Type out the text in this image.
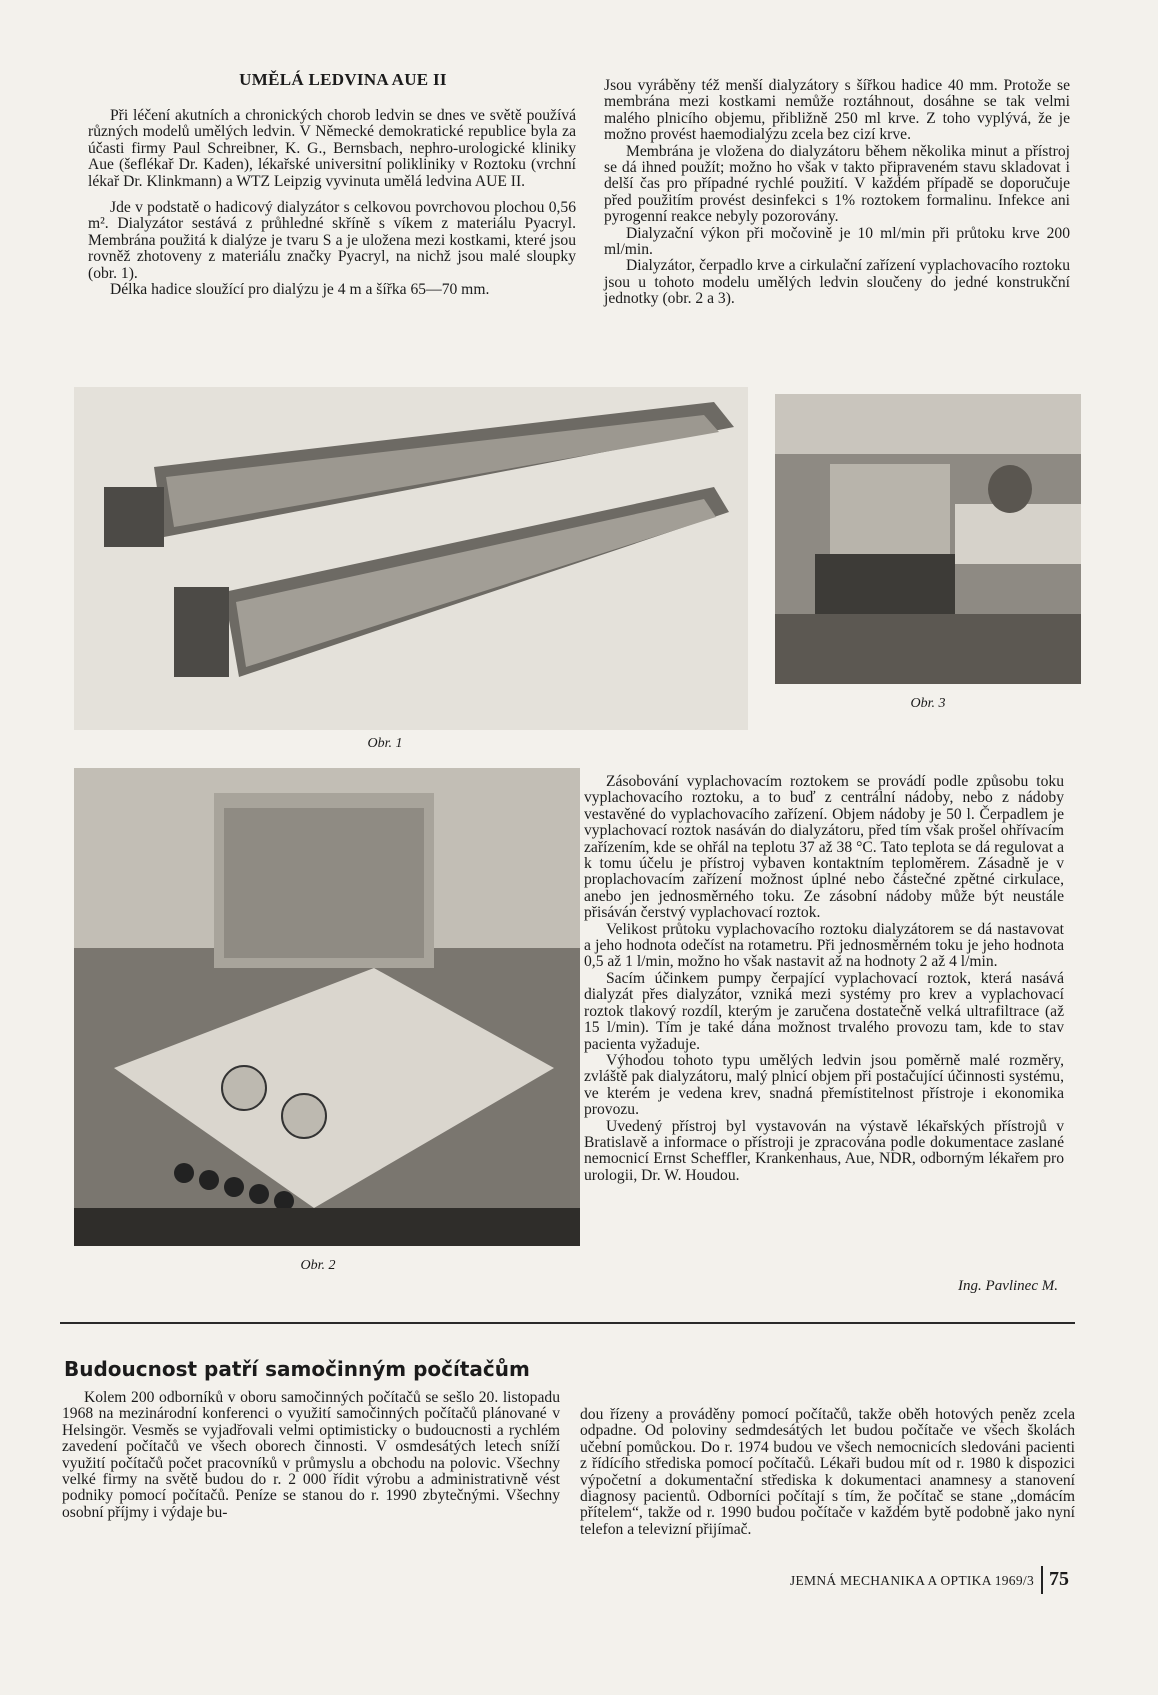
UMĚLÁ LEDVINA AUE II

Při léčení akutních a chronických chorob ledvin se dnes ve světě používá různých modelů umělých ledvin. V Německé demokratické republice byla za účasti firmy Paul Schreibner, K. G., Bernsbach, nephro-urologické kliniky Aue (šeflékař Dr. Kaden), lékařské universitní polikliniky v Roztoku (vrchní lékař Dr. Klinkmann) a WTZ Leipzig vyvinuta umělá ledvina AUE II.

Jde v podstatě o hadicový dialyzátor s celkovou povrchovou plochou 0,56 m². Dialyzátor sestává z průhledné skříně s víkem z materiálu Pyacryl. Membrána použitá k dialýze je tvaru S a je uložena mezi kostkami, které jsou rovněž zhotoveny z materiálu značky Pyacryl, na nichž jsou malé sloupky (obr. 1).

Délka hadice sloužící pro dialýzu je 4 m a šířka 65—70 mm.

Jsou vyráběny též menší dialyzátory s šířkou hadice 40 mm. Protože se membrána mezi kostkami nemůže roztáhnout, dosáhne se tak velmi malého plnicího objemu, přibližně 250 ml krve. Z toho vyplývá, že je možno provést haemodialýzu zcela bez cizí krve.

Membrána je vložena do dialyzátoru během několika minut a přístroj se dá ihned použít; možno ho však v takto připraveném stavu skladovat i delší čas pro případné rychlé použití. V každém případě se doporučuje před použitím provést desinfekci s 1% roztokem formalinu. Infekce ani pyrogenní reakce nebyly pozorovány.

Dialyzační výkon při močovině je 10 ml/min při průtoku krve 200 ml/min.

Dialyzátor, čerpadlo krve a cirkulační zařízení vyplachovacího roztoku jsou u tohoto modelu umělých ledvin sloučeny do jedné konstrukční jednotky (obr. 2 a 3).

Obr. 1
Obr. 3
Obr. 2

Zásobování vyplachovacím roztokem se provádí podle způsobu toku vyplachovacího roztoku, a to buď z centrální nádoby, nebo z nádoby vestavěné do vyplachovacího zařízení. Objem nádoby je 50 l. Čerpadlem je vyplachovací roztok nasáván do dialyzátoru, před tím však prošel ohřívacím zařízením, kde se ohřál na teplotu 37 až 38 °C. Tato teplota se dá regulovat a k tomu účelu je přístroj vybaven kontaktním teploměrem. Zásadně je v proplachovacím zařízení možnost úplné nebo částečné zpětné cirkulace, anebo jen jednosměrného toku. Ze zásobní nádoby může být neustále přisáván čerstvý vyplachovací roztok.

Velikost průtoku vyplachovacího roztoku dialyzátorem se dá nastavovat a jeho hodnota odečíst na rotametru. Při jednosměrném toku je jeho hodnota 0,5 až 1 l/min, možno ho však nastavit až na hodnoty 2 až 4 l/min.

Sacím účinkem pumpy čerpající vyplachovací roztok, která nasává dialyzát přes dialyzátor, vzniká mezi systémy pro krev a vyplachovací roztok tlakový rozdíl, kterým je zaručena dostatečně velká ultrafiltrace (až 15 l/min). Tím je také dána možnost trvalého provozu tam, kde to stav pacienta vyžaduje.

Výhodou tohoto typu umělých ledvin jsou poměrně malé rozměry, zvláště pak dialyzátoru, malý plnicí objem při postačující účinnosti systému, ve kterém je vedena krev, snadná přemístitelnost přístroje i ekonomika provozu.

Uvedený přístroj byl vystavován na výstavě lékařských přístrojů v Bratislavě a informace o přístroji je zpracována podle dokumentace zaslané nemocnicí Ernst Scheffler, Krankenhaus, Aue, NDR, odborným lékařem pro urologii, Dr. W. Houdou.

Ing. Pavlinec M.
Budoucnost patří samočinným počítačům

Kolem 200 odborníků v oboru samočinných počítačů se sešlo 20. listopadu 1968 na mezinárodní konferenci o využití samočinných počítačů plánované v Helsingör. Vesměs se vyjadřovali velmi optimisticky o budoucnosti a rychlém zavedení počítačů ve všech oborech činnosti. V osmdesátých letech sníží využití počítačů počet pracovníků v průmyslu a obchodu na polovic. Všechny velké firmy na světě budou do r. 2 000 řídit výrobu a administrativně vést podniky pomocí počítačů. Peníze se stanou do r. 1990 zbytečnými. Všechny osobní příjmy i výdaje bu-

dou řízeny a prováděny pomocí počítačů, takže oběh hotových peněz zcela odpadne. Od poloviny sedmdesátých let budou počítače ve všech školách učební pomůckou. Do r. 1974 budou ve všech nemocnicích sledováni pacienti z řídícího střediska pomocí počítačů. Lékaři budou mít od r. 1980 k dispozici výpočetní a dokumentační střediska k dokumentaci anamnesy a stanovení diagnosy pacientů. Odborníci počítají s tím, že počítač se stane „domácím přítelem“, takže od r. 1990 budou počítače v každém bytě podobně jako nyní telefon a televizní přijímač.

JEMNÁ MECHANIKA A OPTIKA 1969/3 75
